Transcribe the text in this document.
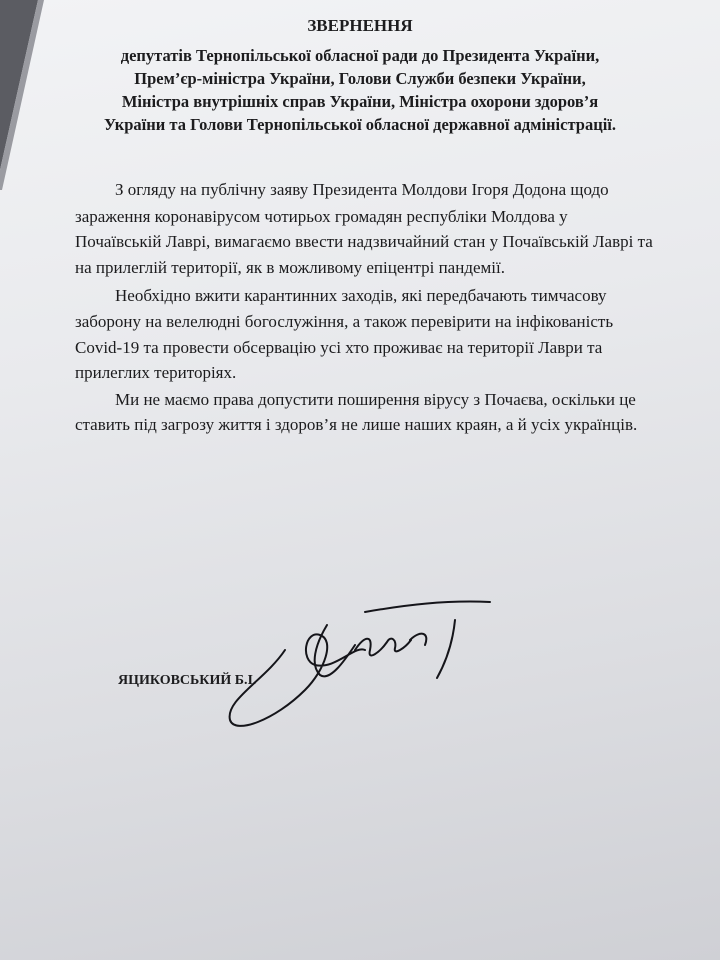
ЗВЕРНЕННЯ
депутатів Тернопільської обласної ради до Президента України,
Прем’єр-міністра України, Голови Служби безпеки України,
Міністра внутрішніх справ України, Міністра охорони здоров’я
України та Голови Тернопільської обласної державної адміністрації.
З огляду на публічну заяву Президента Молдови Ігоря Додона щодо
зараження коронавірусом чотирьох громадян республіки Молдова у
Почаївській Лаврі, вимагаємо ввести надзвичайний стан у Почаївській Лаврі та
на прилеглій території, як в можливому епіцентрі пандемії.
Необхідно вжити карантинних заходів, які передбачають тимчасову
заборону на велелюдні богослужіння, а також перевірити на інфікованість
Covid-19 та провести обсервацію усі хто проживає на території Лаври та
прилеглих територіях.
Ми не маємо права допустити поширення вірусу з Почаєва, оскільки це
ставить під загрозу життя і здоров’я не лише наших краян, а й усіх українців.
ЯЦИКОВСЬКИЙ Б.І.
